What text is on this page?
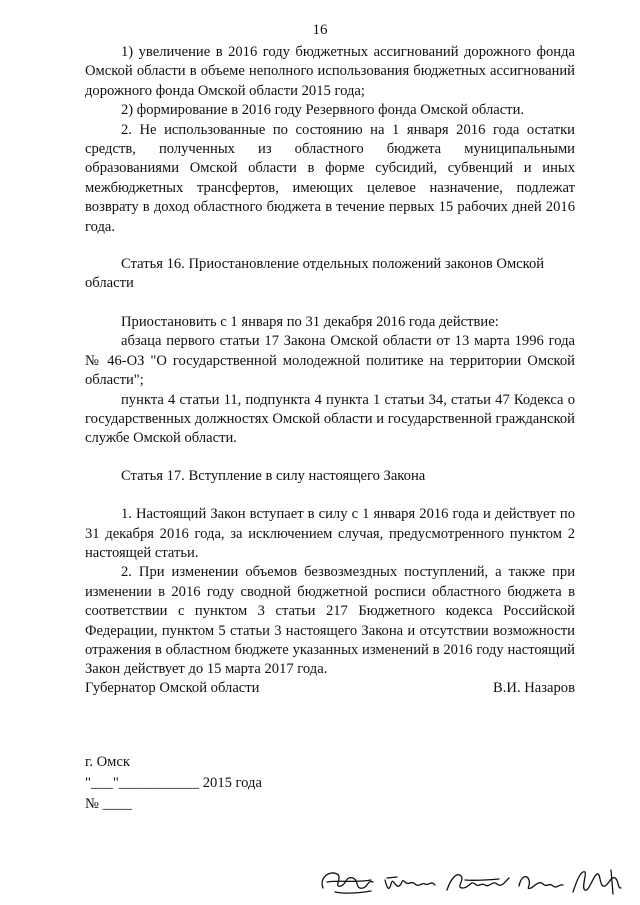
16

1) увеличение в 2016 году бюджетных ассигнований дорожного фонда Омской области в объеме неполного использования бюджетных ассигнований дорожного фонда Омской области 2015 года;

2) формирование в 2016 году Резервного фонда Омской области.

2. Не использованные по состоянию на 1 января 2016 года остатки средств, полученных из областного бюджета муниципальными образованиями Омской области в форме субсидий, субвенций и иных межбюджетных трансфертов, имеющих целевое назначение, подлежат возврату в доход областного бюджета в течение первых 15 рабочих дней 2016 года.

Статья 16. Приостановление отдельных положений законов Омской области

Приостановить с 1 января по 31 декабря 2016 года действие:

абзаца первого статьи 17 Закона Омской области от 13 марта 1996 года № 46-ОЗ "О государственной молодежной политике на территории Омской области";

пункта 4 статьи 11, подпункта 4 пункта 1 статьи 34, статьи 47 Кодекса о государственных должностях Омской области и государственной гражданской службе Омской области.

Статья 17. Вступление в силу настоящего Закона

1. Настоящий Закон вступает в силу с 1 января 2016 года и действует по 31 декабря 2016 года, за исключением случая, предусмотренного пунктом 2 настоящей статьи.

2. При изменении объемов безвозмездных поступлений, а также при изменении в 2016 году сводной бюджетной росписи областного бюджета в соответствии с пунктом 3 статьи 217 Бюджетного кодекса Российской Федерации, пунктом 5 статьи 3 настоящего Закона и отсутствии возможности отражения в областном бюджете указанных изменений в 2016 году настоящий Закон действует до 15 марта 2017 года.

Губернатор Омской области	В.И. Назаров
г. Омск
"___"___________ 2015 года
№ ____
